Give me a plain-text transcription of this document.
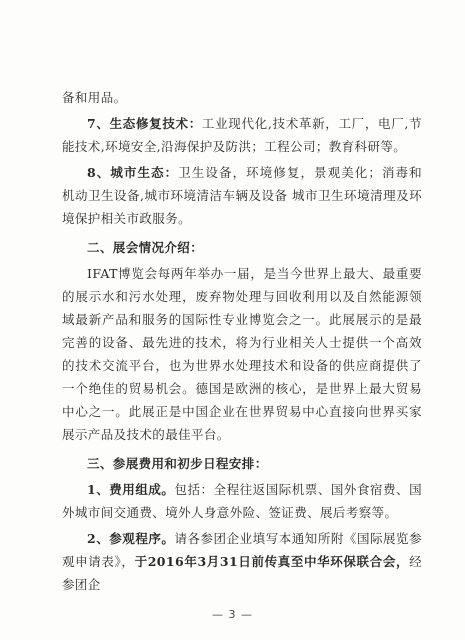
备和用品。

7、生态修复技术：工业现代化,技术革新，工厂，电厂,节能技术,环境安全,沿海保护及防洪；工程公司；教育科研等。

8、城市生态：卫生设备，环境修复，景观美化；消毒和 机动卫生设备,城市环境清洁车辆及设备 城市卫生环境清理及环境保护相关市政服务。

二、展会情况介绍：

IFAT博览会每两年举办一届，是当今世界上最大、最重要的展示水和污水处理，废弃物处理与回收利用以及自然能源领域最新产品和服务的国际性专业博览会之一。此展展示的是最完善的设备、最先进的技术，将为行业相关人士提供一个高效的技术交流平台，也为世界水处理技术和设备的供应商提供了一个绝佳的贸易机会。德国是欧洲的核心，是世界上最大贸易中心之一。此展正是中国企业在世界贸易中心直接向世界买家展示产品及技术的最佳平台。

三、参展费用和初步日程安排：

1、费用组成。包括：全程往返国际机票、国外食宿费、国外城市间交通费、境外人身意外险、签证费、展后考察等。

2、参观程序。请各参团企业填写本通知所附《国际展览参观申请表》，于2016年3月31日前传真至中华环保联合会，经参团企

— 3 —
